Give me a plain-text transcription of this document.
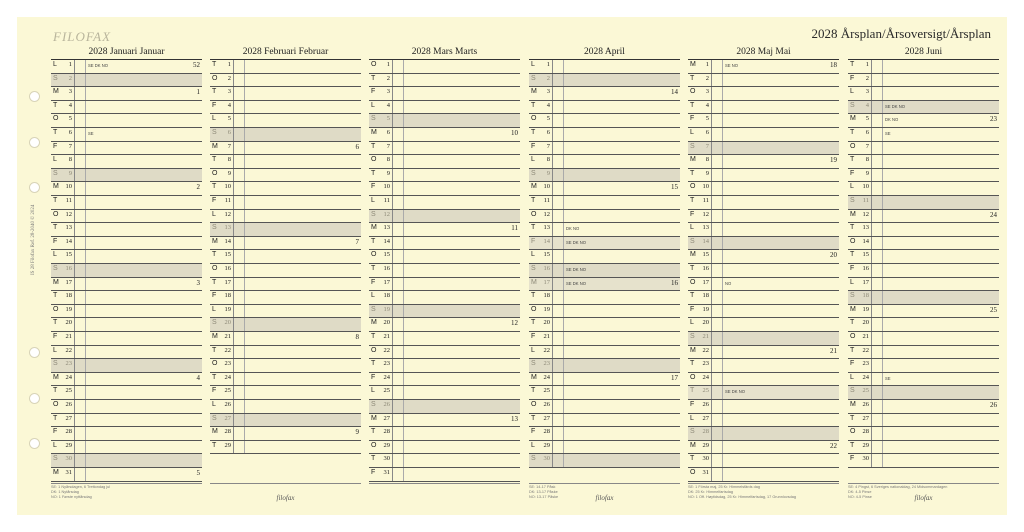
FILOFAX	2028 Årsplan/Årsoversigt/Årsplan
IS 28 Filofax Ref. 28-2040 © 2024
2028 Januari Januar
L	1	SE DK NO	52
S	2
M	3	1
T	4
O	5
T	6	SE
F	7
L	8
S	9
M	10	2
T	11
O	12
T	13
F	14
L	15
S	16
M	17	3
T	18
O	19
T	20
F	21
L	22
S	23
M	24	4
T	25
O	26
T	27
F	28
L	29
S	30
M	31	5
SE: 1 Nyårsdagen, 6 Trettondag jul
DK: 1 Nytårsdag
NO: 1 Første nyttårsdag
2028 Februari Februar
T	1
O	2
T	3
F	4
L	5
S	6
M	7	6
T	8
O	9
T	10
F	11
L	12
S	13
M	14	7
T	15
O	16
T	17
F	18
L	19
S	20
M	21	8
T	22
O	23
T	24
F	25
L	26
S	27
M	28	9
T	29
filofax
2028 Mars Marts
O	1
T	2
F	3
L	4
S	5
M	6	10
T	7
O	8
T	9
F	10
L	11
S	12
M	13	11
T	14
O	15
T	16
F	17
L	18
S	19
M	20	12
T	21
O	22
T	23
F	24
L	25
S	26
M	27	13
T	28
O	29
T	30
F	31
2028 April
L	1
S	2
M	3	14
T	4
O	5
T	6
F	7
L	8
S	9
M	10	15
T	11
O	12
T	13	DK NO
F	14	SE DK NO
L	15
S	16	SE DK NO
M	17	SE DK NO	16
T	18
O	19
T	20
F	21
L	22
S	23
M	24	17
T	25
O	26
T	27
F	28
L	29
S	30
SE: 14-17 Påsk
DK: 13-17 Påske
NO: 13-17 Påske	filofax
2028 Maj Mai
M	1	SE NO	18
T	2
O	3
T	4
F	5
L	6
S	7
M	8	19
T	9
O	10
T	11
F	12
L	13
S	14
M	15	20
T	16
O	17	NO
T	18
F	19
L	20
S	21
M	22	21
T	23
O	24
T	25	SE DK NO
F	26
L	27
S	28
M	29	22
T	30
O	31
SE: 1 Första maj, 25 Kr. Himmelsfärds dag
DK: 25 Kr. Himmelfartsdag
NO: 1 Off. Høytidsdag, 25 Kr. Himmelfartsdag, 17 Grunnlovsdag
2028 Juni
T	1
F	2
L	3
S	4	SE DK NO
M	5	DK NO	23
T	6	SE
O	7
T	8
F	9
L	10
S	11
M	12	24
T	13
O	14
T	15
F	16
L	17
S	18
M	19	25
T	20
O	21
T	22
F	23
L	24	SE
S	25
M	26	26
T	27
O	28
T	29
F	30
SE: 4 Pingst, 6 Sveriges nationaldag, 24 Midsommardagen
DK: 4-5 Pinse
NO: 4-5 Pinse	filofax
